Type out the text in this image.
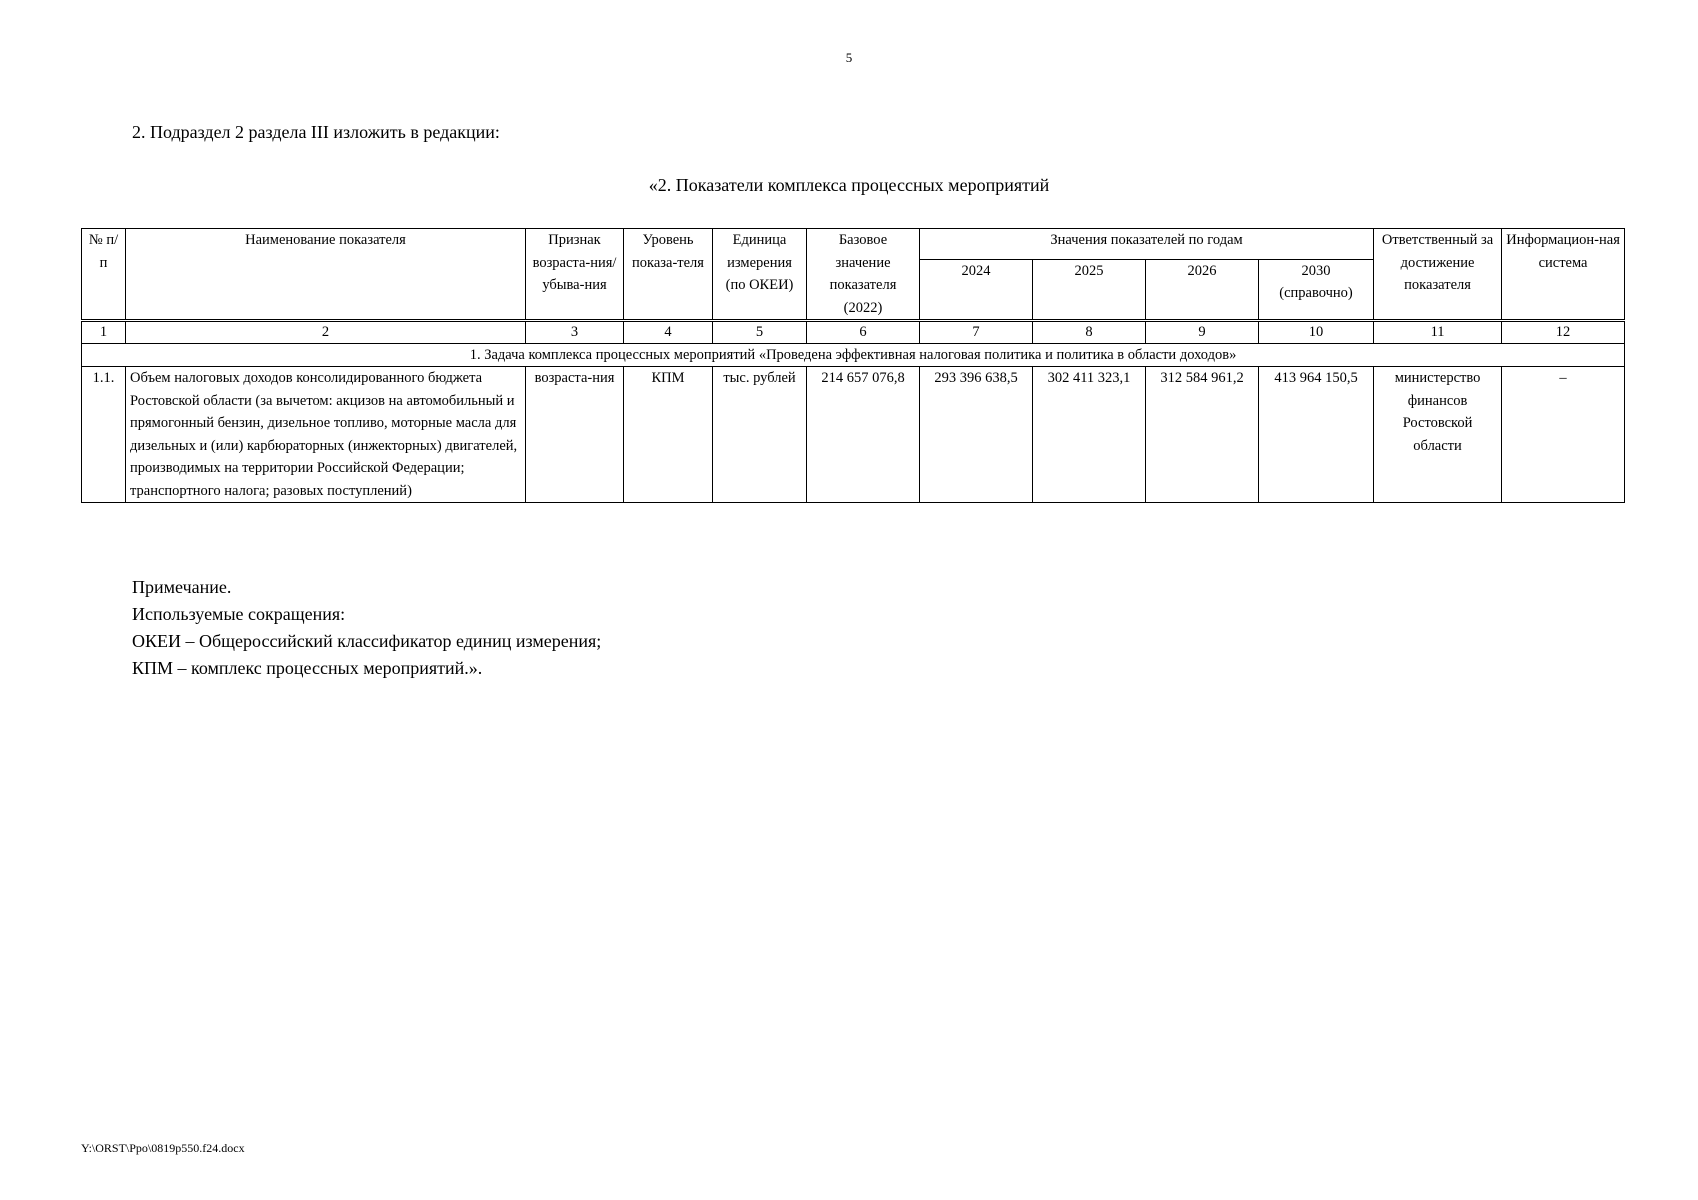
5
2. Подраздел 2 раздела III изложить в редакции:
«2. Показатели комплекса процессных мероприятий
№ п/п	Наименование показателя	Признак возраста-ния/убыва-ния	Уровень показа-теля	Единица измерения (по ОКЕИ)	Базовое значение показателя (2022)	Значения показателей по годам				Ответственный за достижение показателя	Информацион-ная система
						2024	2025	2026	2030 (справочно)		
1	2	3	4	5	6	7	8	9	10	11	12
1. Задача комплекса процессных мероприятий «Проведена эффективная налоговая политика и политика в области доходов»											
1.1.	Объем налоговых доходов консолидированного бюджета Ростовской области (за вычетом: акцизов на автомобильный и прямогонный бензин, дизельное топливо, моторные масла для дизельных и (или) карбюраторных (инжекторных) двигателей, производимых на территории Российской Федерации; транспортного налога; разовых поступлений)	возраста-ния	КПМ	тыс. рублей	214 657 076,8	293 396 638,5	302 411 323,1	312 584 961,2	413 964 150,5	министерство финансов Ростовской области	–
Примечание.
Используемые сокращения:
ОКЕИ – Общероссийский классификатор единиц измерения;
КПМ – комплекс процессных мероприятий.».
Y:\ORST\Ppo\0819p550.f24.docx
